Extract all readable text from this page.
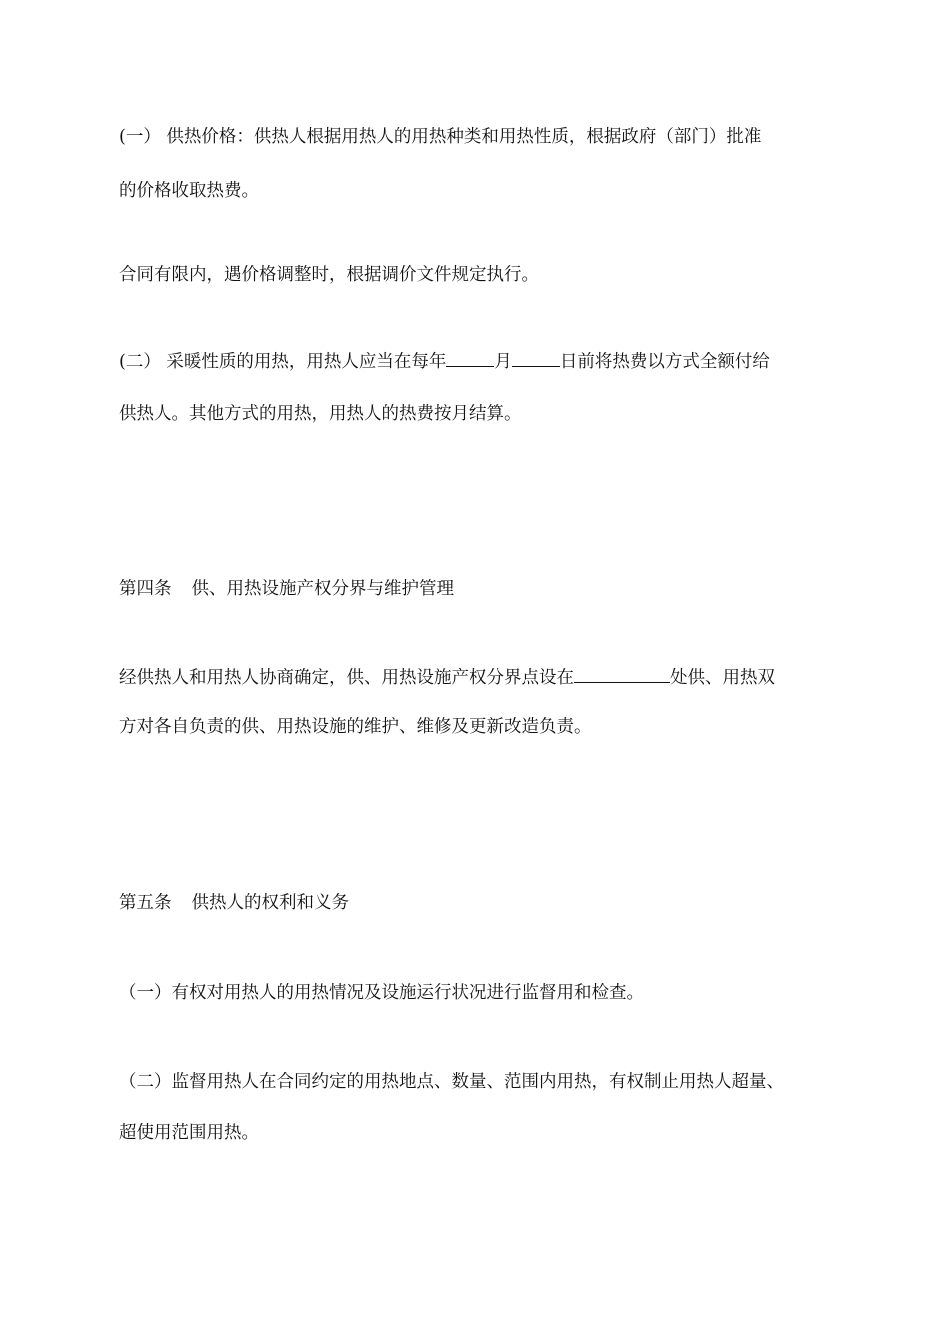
(一） 供热价格：供热人根据用热人的用热种类和用热性质，根据政府（部门）批准
的价格收取热费。
合同有限内，遇价格调整时，根据调价文件规定执行。
(二） 采暖性质的用热，用热人应当在每年	月	日前将热费以方式全额付给
供热人。其他方式的用热，用热人的热费按月结算。
第四条 供、用热设施产权分界与维护管理
经供热人和用热人协商确定，供、用热设施产权分界点设在	处供、用热双
方对各自负责的供、用热设施的维护、维修及更新改造负责。
第五条 供热人的权利和义务
（一）有权对用热人的用热情况及设施运行状况进行监督用和检查。
（二）监督用热人在合同约定的用热地点、数量、范围内用热，有权制止用热人超量、
超使用范围用热。
